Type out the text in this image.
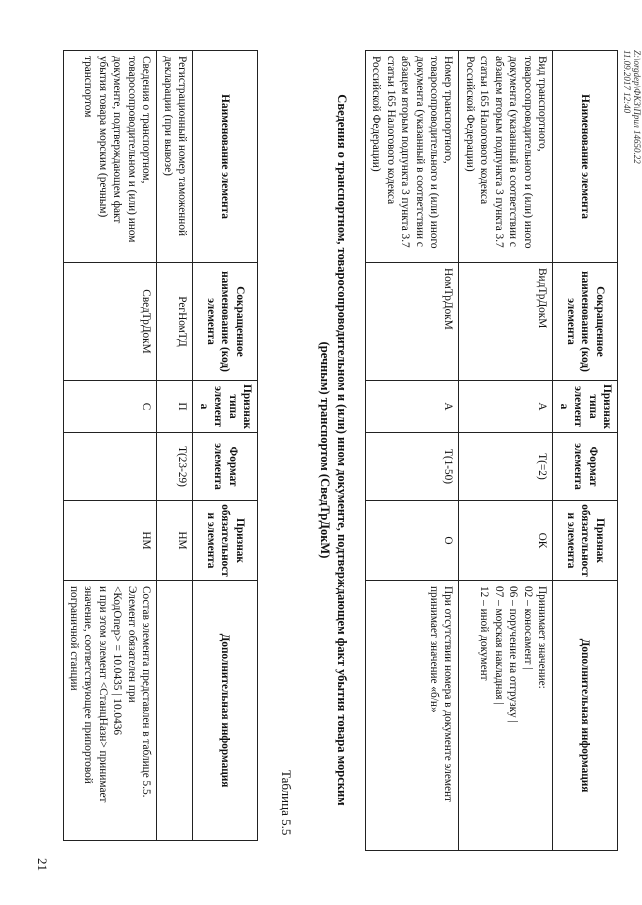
21
Наименование элемента	Сокращенное наименование (код) элемента	Признак типа элемента	Формат элемента	Признак обязательности элемента	Дополнительная информация
Регистрационный номер таможенной декларации (при вывозе)	РегНомТД	П	T(23-29)	НМ	
Сведения о транспортном, товаросопроводительном и (или) ином документе, подтверждающем факт убытия товара морским (речным) транспортом	СведТрДокМ	С		НМ	Состав элемента представлен в таблице 5.5.
Элемент обязателен при
<КодОпер> = 10.0435 | 10.0436
и при этом элемент <СтанцНазн> принимает значение, соответствующее припортовой пограничной станции
Таблица 5.5	Сведения о транспортном, товаросопроводительном и (или) ином документе, подтверждающем факт убытия товара морским (речным) транспортом (СведТрДокМ)
Наименование элемента	Сокращенное наименование (код) элемента	Признак типа элемента	Формат элемента	Признак обязательности элемента	Дополнительная информация
Вид транспортного, товаросопроводительного и (или) иного документа (указанный в соответствии с абзацем вторым подпункта 3 пункта 3.7 статьи 165 Налогового кодекса Российской Федерации)	ВидТрДокМ	А	T(=2)	ОК	Принимает значение:
02 – коносамент |
06 – поручение на отгрузку |
07 – морская накладная |
12 – иной документ

Номер транспортного, товаросопроводительного и (или) иного документа (указанный в соответствии с абзацем вторым подпункта 3 пункта 3.7 статьи 165 Налогового кодекса Российской Федерации)	НомТрДокМ	А	T(1-50)	О	При отсутствии номера в документе элемент принимает значение «б/н»
11.09.2017 12:40 Z:\orgdep\ФКЗ\Прил 14650.22
